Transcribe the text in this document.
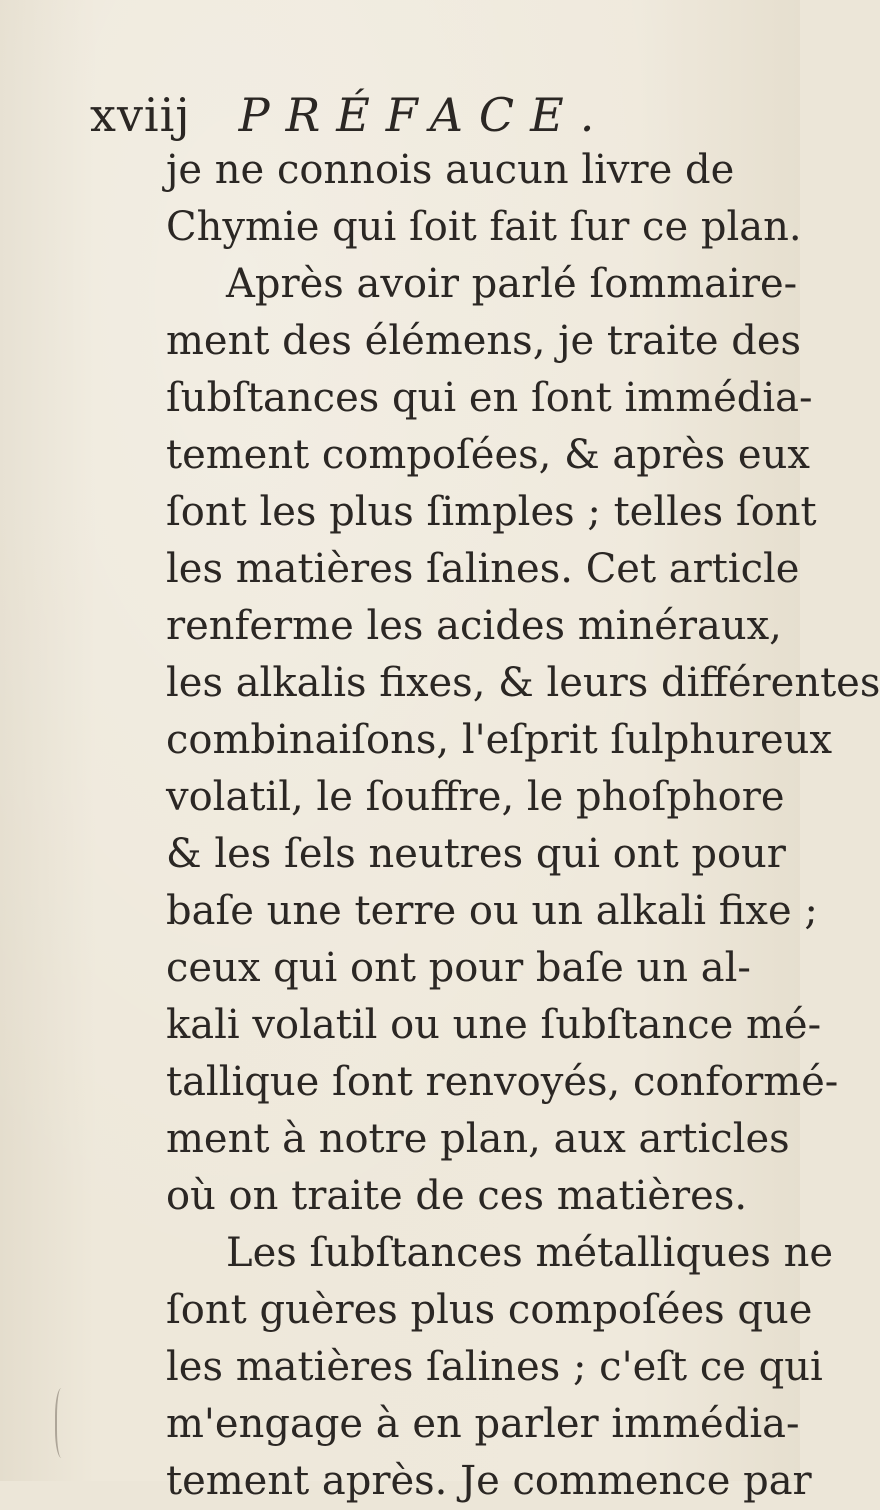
xviij PRÉFACE.
je ne connois aucun livre de
Chymie qui ſoit fait ſur ce plan.
Après avoir parlé ſommaire-
ment des élémens, je traite des
ſubſtances qui en ſont immédia-
tement compoſées, & après eux
ſont les plus ſimples ; telles ſont
les matières ſalines. Cet article
renferme les acides minéraux,
les alkalis fixes, & leurs différentes
combinaiſons, l'eſprit ſulphureux
volatil, le ſouffre, le phoſphore
& les ſels neutres qui ont pour
baſe une terre ou un alkali fixe ;
ceux qui ont pour baſe un al-
kali volatil ou une ſubſtance mé-
tallique ſont renvoyés, conformé-
ment à notre plan, aux articles
où on traite de ces matières.
Les ſubſtances métalliques ne
ſont guères plus compoſées que
les matières ſalines ; c'eſt ce qui
m'engage à en parler immédia-
tement après. Je commence par
